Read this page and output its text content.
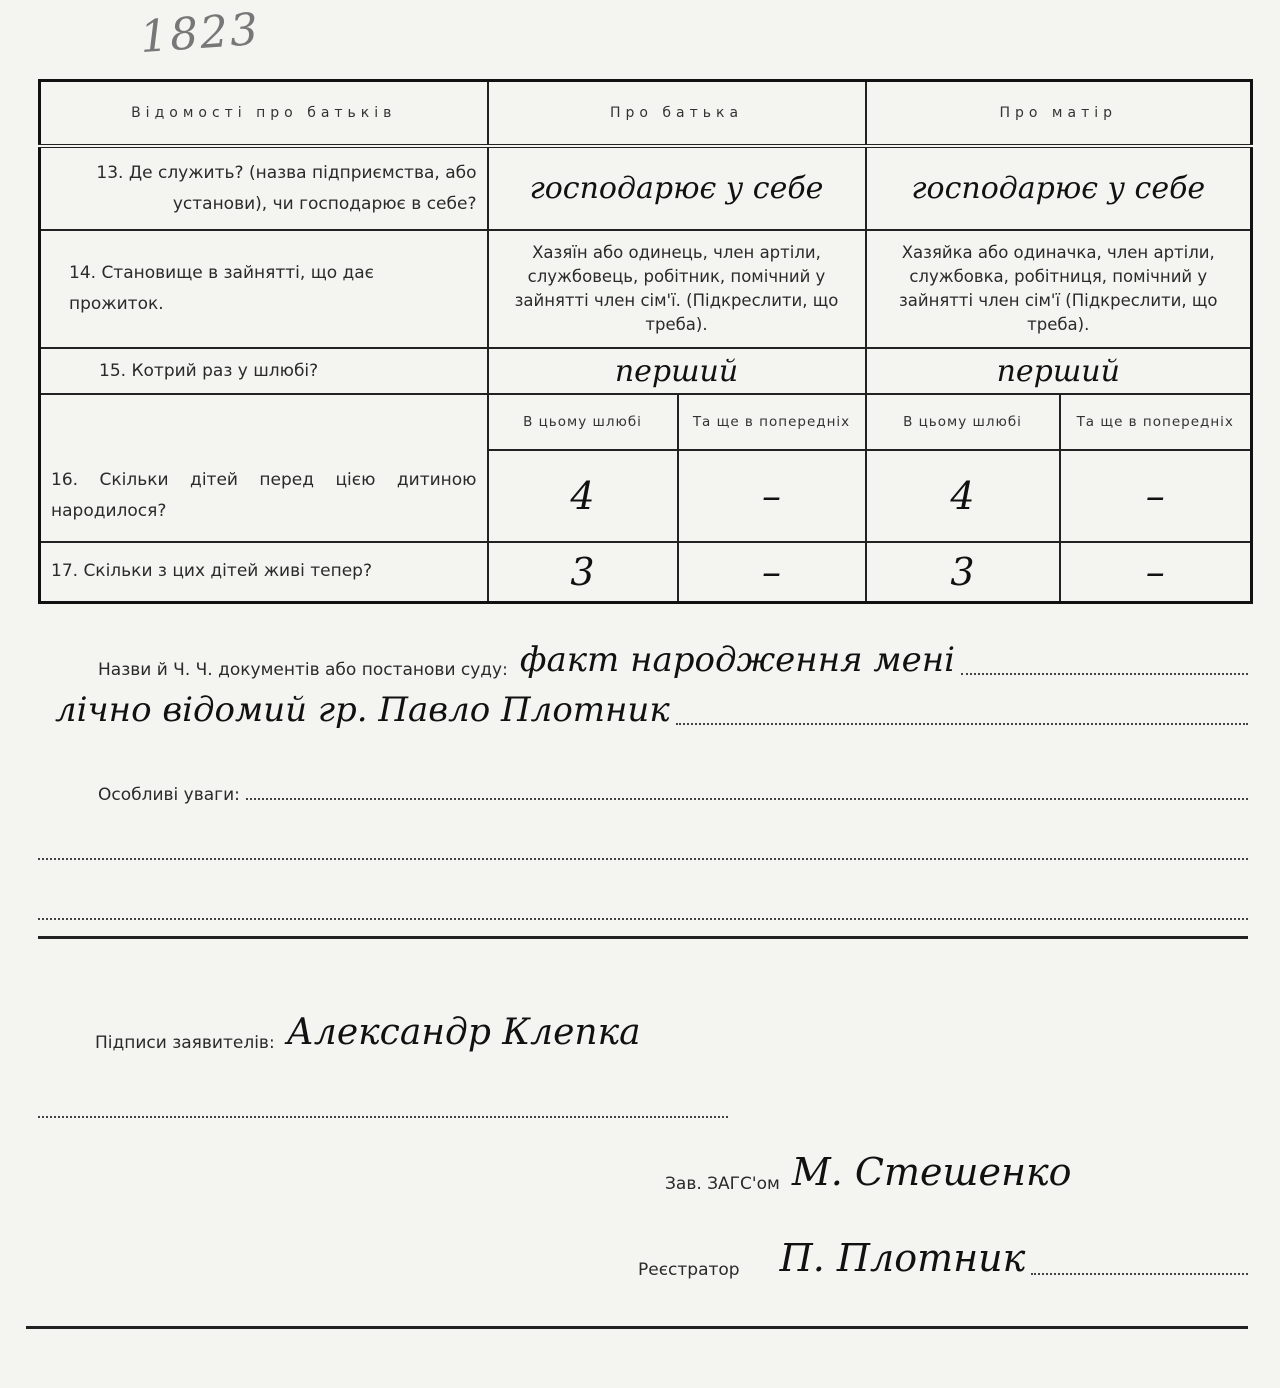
1823
Відомості про батьків	Про батька		Про матір	
13. Де служить? (назва підприємства, або установи), чи господарює в себе?	господарює у себе		господарює у себе	
14. Становище в зайнятті, що дає прожиток.	Хазяїн або одинець, член артіли, службовець, робітник, помічний у зайнятті член сім'ї. (Підкреслити, що треба).		Хазяйка або одиначка, член артіли, службовка, робітниця, помічний у зайнятті член сім'ї (Підкреслити, що треба).	
15. Котрий раз у шлюбі?	перший		перший	
16. Скільки дітей перед цією дитиною народилося?	В цьому шлюбі	Та ще в попередніх	В цьому шлюбі	Та ще в попередніх
	4	–	4	–
17. Скільки з цих дітей живі тепер?	3	–	3	–
Назви й Ч. Ч. документів або постанови суду: факт народження мені
лічно відомий гр. Павло Плотник
Особливі уваги:
Підписи заявителів: Александр Клепка
Зав. ЗАГС'ом М. Стешенко
Реєстратор П. Плотник
